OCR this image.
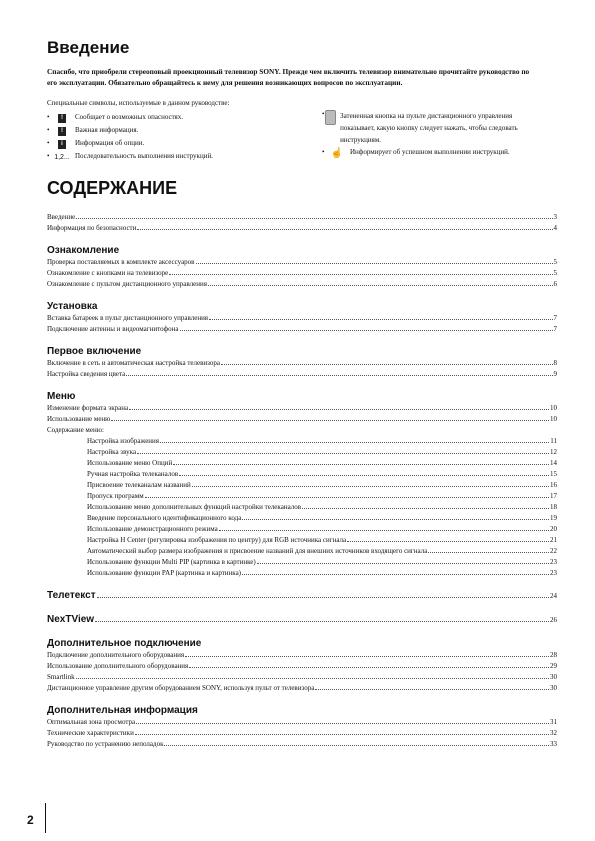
Введение
Спасибо, что приобрели стереоповый проекционный телевизор SONY. Прежде чем включить телевизор внимательно прочитайте руководство по его эксплуатации. Обязательно обращайтесь к нему для решения возникающих вопросов по эксплуатации.
Специальные символы, используемые в данном руководстве:
•	!	Сообщает о возможных опасностях.
•	!	Важная информация.
•	i	Информация об опции.
• 1,2... Последовательность выполнения инструкций.
• Затененная кнопка на пульте дистанционного управления показывает, какую кнопку следует нажать, чтобы следовать инструкциям.
• ☝ Информирует об успешном выполнении инструкций.
СОДЕРЖАНИЕ
Введение	3
Информация по безопасности	4
Ознакомление
Проверка поставляемых в комплекте аксессуаров	5
Ознакомление с кнопками на телевизоре	5
Ознакомление с пультом дистанционного управления	6
Установка
Вставка батареек в пульт дистанционного управления	7
Подключение антенны и видеомагнитофона	7
Первое включение
Включение в сеть и автоматическая настройка телевизора	8
Настройка сведения цвета	9
Меню
Изменение формата экрана	10
Использование меню	10
Содержание меню:
Настройка изображения	11
Настройка звука	12
Использование меню Опций	14
Ручная настройка телеканалов	15
Присвоение телеканалам названий	16
Пропуск программ	17
Использование меню дополнительных функций настройки телеканалов	18
Введение персонального идентификационного кода	19
Использование демонстрационного режима	20
Настройка H Center (регулировка изображения по центру) для RGB источника сигнала	21
Автоматический выбор размера изображения и присвоение названий для внешних источников входящего сигнала	22
Использование функции Multi PIP (картинка в картинке)	23
Использование функции PAP (картинка и картинка)	23
Телетекст	24
NexTView	26
Дополнительное подключение
Подключение дополнительного оборудования	28
Использование дополнительного оборудования	29
Smartlink	30
Дистанционное управление другим оборудованием SONY, используя пульт от телевизора	30
Дополнительная информация
Оптимальная зона просмотра	31
Технические характеристики	32
Руководство по устранению неполадок	33
2
